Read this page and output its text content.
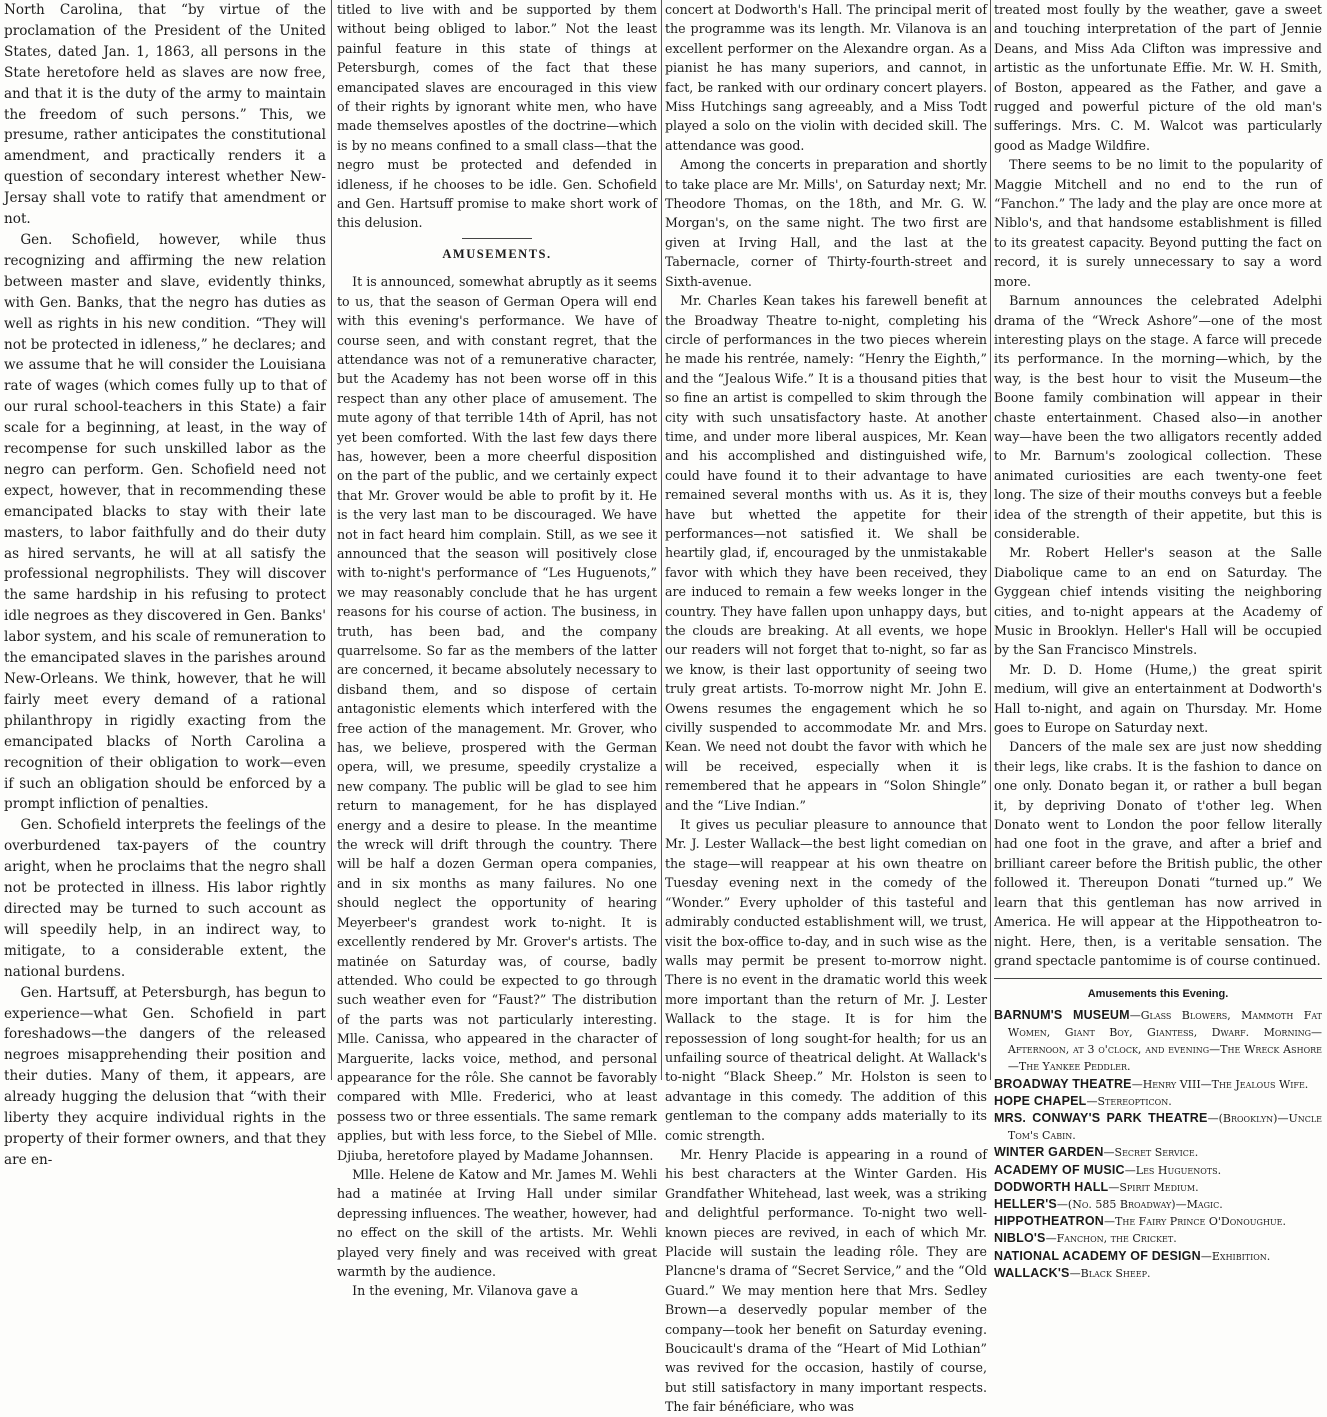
North Carolina, that “by virtue of the proclamation of the President of the United States, dated Jan. 1, 1863, all persons in the State heretofore held as slaves are now free, and that it is the duty of the army to maintain the freedom of such persons.” This, we presume, rather anticipates the constitutional amendment, and practically renders it a question of secondary interest whether New-Jersay shall vote to ratify that amendment or not.

Gen. Schofield, however, while thus recognizing and affirming the new relation between master and slave, evidently thinks, with Gen. Banks, that the negro has duties as well as rights in his new condition. “They will not be protected in idleness,” he declares; and we assume that he will consider the Louisiana rate of wages (which comes fully up to that of our rural school-teachers in this State) a fair scale for a beginning, at least, in the way of recompense for such unskilled labor as the negro can perform. Gen. Schofield need not expect, however, that in recommending these emancipated blacks to stay with their late masters, to labor faithfully and do their duty as hired servants, he will at all satisfy the professional negrophilists. They will discover the same hardship in his refusing to protect idle negroes as they discovered in Gen. Banks' labor system, and his scale of remuneration to the emancipated slaves in the parishes around New-Orleans. We think, however, that he will fairly meet every demand of a rational philanthropy in rigidly exacting from the emancipated blacks of North Carolina a recognition of their obligation to work—even if such an obligation should be enforced by a prompt infliction of penalties.

Gen. Schofield interprets the feelings of the overburdened tax-payers of the country aright, when he proclaims that the negro shall not be protected in illness. His labor rightly directed may be turned to such account as will speedily help, in an indirect way, to mitigate, to a considerable extent, the national burdens.

Gen. Hartsuff, at Petersburgh, has begun to experience—what Gen. Schofield in part foreshadows—the dangers of the released negroes misapprehending their position and their duties. Many of them, it appears, are already hugging the delusion that “with their liberty they acquire individual rights in the property of their former owners, and that they are en-

titled to live with and be supported by them without being obliged to labor.” Not the least painful feature in this state of things at Petersburgh, comes of the fact that these emancipated slaves are encouraged in this view of their rights by ignorant white men, who have made themselves apostles of the doctrine—which is by no means confined to a small class—that the negro must be protected and defended in idleness, if he chooses to be idle. Gen. Schofield and Gen. Hartsuff promise to make short work of this delusion.

AMUSEMENTS.

It is announced, somewhat abruptly as it seems to us, that the season of German Opera will end with this evening's performance. We have of course seen, and with constant regret, that the attendance was not of a remunerative character, but the Academy has not been worse off in this respect than any other place of amusement. The mute agony of that terrible 14th of April, has not yet been comforted. With the last few days there has, however, been a more cheerful disposition on the part of the public, and we certainly expect that Mr. Grover would be able to profit by it. He is the very last man to be discouraged. We have not in fact heard him complain. Still, as we see it announced that the season will positively close with to-night's performance of “Les Huguenots,” we may reasonably conclude that he has urgent reasons for his course of action. The business, in truth, has been bad, and the company quarrelsome. So far as the members of the latter are concerned, it became absolutely necessary to disband them, and so dispose of certain antagonistic elements which interfered with the free action of the management. Mr. Grover, who has, we believe, prospered with the German opera, will, we presume, speedily crystalize a new company. The public will be glad to see him return to management, for he has displayed energy and a desire to please. In the meantime the wreck will drift through the country. There will be half a dozen German opera companies, and in six months as many failures. No one should neglect the opportunity of hearing Meyerbeer's grandest work to-night. It is excellently rendered by Mr. Grover's artists. The matinée on Saturday was, of course, badly attended. Who could be expected to go through such weather even for “Faust?” The distribution of the parts was not particularly interesting. Mlle. Canissa, who appeared in the character of Marguerite, lacks voice, method, and personal appearance for the rôle. She cannot be favorably compared with Mlle. Frederici, who at least possess two or three essentials. The same remark applies, but with less force, to the Siebel of Mlle. Djiuba, heretofore played by Madame Johannsen.

Mlle. Helene de Katow and Mr. James M. Wehli had a matinée at Irving Hall under similar depressing influences. The weather, however, had no effect on the skill of the artists. Mr. Wehli played very finely and was received with great warmth by the audience.

In the evening, Mr. Vilanova gave a

concert at Dodworth's Hall. The principal merit of the programme was its length. Mr. Vilanova is an excellent performer on the Alexandre organ. As a pianist he has many superiors, and cannot, in fact, be ranked with our ordinary concert players. Miss Hutchings sang agreeably, and a Miss Todt played a solo on the violin with decided skill. The attendance was good.

Among the concerts in preparation and shortly to take place are Mr. Mills', on Saturday next; Mr. Theodore Thomas, on the 18th, and Mr. G. W. Morgan's, on the same night. The two first are given at Irving Hall, and the last at the Tabernacle, corner of Thirty-fourth-street and Sixth-avenue.

Mr. Charles Kean takes his farewell benefit at the Broadway Theatre to-night, completing his circle of performances in the two pieces wherein he made his rentrée, namely: “Henry the Eighth,” and the “Jealous Wife.” It is a thousand pities that so fine an artist is compelled to skim through the city with such unsatisfactory haste. At another time, and under more liberal auspices, Mr. Kean and his accomplished and distinguished wife, could have found it to their advantage to have remained several months with us. As it is, they have but whetted the appetite for their performances—not satisfied it. We shall be heartily glad, if, encouraged by the unmistakable favor with which they have been received, they are induced to remain a few weeks longer in the country. They have fallen upon unhappy days, but the clouds are breaking. At all events, we hope our readers will not forget that to-night, so far as we know, is their last opportunity of seeing two truly great artists. To-morrow night Mr. John E. Owens resumes the engagement which he so civilly suspended to accommodate Mr. and Mrs. Kean. We need not doubt the favor with which he will be received, especially when it is remembered that he appears in “Solon Shingle” and the “Live Indian.”

It gives us peculiar pleasure to announce that Mr. J. Lester Wallack—the best light comedian on the stage—will reappear at his own theatre on Tuesday evening next in the comedy of the “Wonder.” Every upholder of this tasteful and admirably conducted establishment will, we trust, visit the box-office to-day, and in such wise as the walls may permit be present to-morrow night. There is no event in the dramatic world this week more important than the return of Mr. J. Lester Wallack to the stage. It is for him the repossession of long sought-for health; for us an unfailing source of theatrical delight. At Wallack's to-night “Black Sheep.” Mr. Holston is seen to advantage in this comedy. The addition of this gentleman to the company adds materially to its comic strength.

Mr. Henry Placide is appearing in a round of his best characters at the Winter Garden. His Grandfather Whitehead, last week, was a striking and delightful performance. To-night two well-known pieces are revived, in each of which Mr. Placide will sustain the leading rôle. They are Plancne's drama of “Secret Service,” and the “Old Guard.” We may mention here that Mrs. Sedley Brown—a deservedly popular member of the company—took her benefit on Saturday evening. Boucicault's drama of the “Heart of Mid Lothian” was revived for the occasion, hastily of course, but still satisfactory in many important respects. The fair bénéficiare, who was

treated most foully by the weather, gave a sweet and touching interpretation of the part of Jennie Deans, and Miss Ada Clifton was impressive and artistic as the unfortunate Effie. Mr. W. H. Smith, of Boston, appeared as the Father, and gave a rugged and powerful picture of the old man's sufferings. Mrs. C. M. Walcot was particularly good as Madge Wildfire.

There seems to be no limit to the popularity of Maggie Mitchell and no end to the run of “Fanchon.” The lady and the play are once more at Niblo's, and that handsome establishment is filled to its greatest capacity. Beyond putting the fact on record, it is surely unnecessary to say a word more.

Barnum announces the celebrated Adelphi drama of the “Wreck Ashore”—one of the most interesting plays on the stage. A farce will precede its performance. In the morning—which, by the way, is the best hour to visit the Museum—the Boone family combination will appear in their chaste entertainment. Chased also—in another way—have been the two alligators recently added to Mr. Barnum's zoological collection. These animated curiosities are each twenty-one feet long. The size of their mouths conveys but a feeble idea of the strength of their appetite, but this is considerable.

Mr. Robert Heller's season at the Salle Diabolique came to an end on Saturday. The Gyggean chief intends visiting the neighboring cities, and to-night appears at the Academy of Music in Brooklyn. Heller's Hall will be occupied by the San Francisco Minstrels.

Mr. D. D. Home (Hume,) the great spirit medium, will give an entertainment at Dodworth's Hall to-night, and again on Thursday. Mr. Home goes to Europe on Saturday next.

Dancers of the male sex are just now shedding their legs, like crabs. It is the fashion to dance on one only. Donato began it, or rather a bull began it, by depriving Donato of t'other leg. When Donato went to London the poor fellow literally had one foot in the grave, and after a brief and brilliant career before the British public, the other followed it. Thereupon Donati “turned up.” We learn that this gentleman has now arrived in America. He will appear at the Hippotheatron to-night. Here, then, is a veritable sensation. The grand spectacle pantomime is of course continued.

Amusements this Evening.

BARNUM'S MUSEUM—Glass Blowers, Mammoth Fat Women, Giant Boy, Giantess, Dwarf. Morning—Afternoon, at 3 o'clock, and evening—The Wreck Ashore—The Yankee Peddler.

BROADWAY THEATRE—Henry VIII—The Jealous Wife.

HOPE CHAPEL—Stereopticon.

MRS. CONWAY'S PARK THEATRE—(Brooklyn)—Uncle Tom's Cabin.

WINTER GARDEN—Secret Service.

ACADEMY OF MUSIC—Les Huguenots.

DODWORTH HALL—Spirit Medium.

HELLER'S—(No. 585 Broadway)—Magic.

HIPPOTHEATRON—The Fairy Prince O'Donoughue.

NIBLO'S—Fanchon, the Cricket.

NATIONAL ACADEMY OF DESIGN—Exhibition.

WALLACK'S—Black Sheep.
